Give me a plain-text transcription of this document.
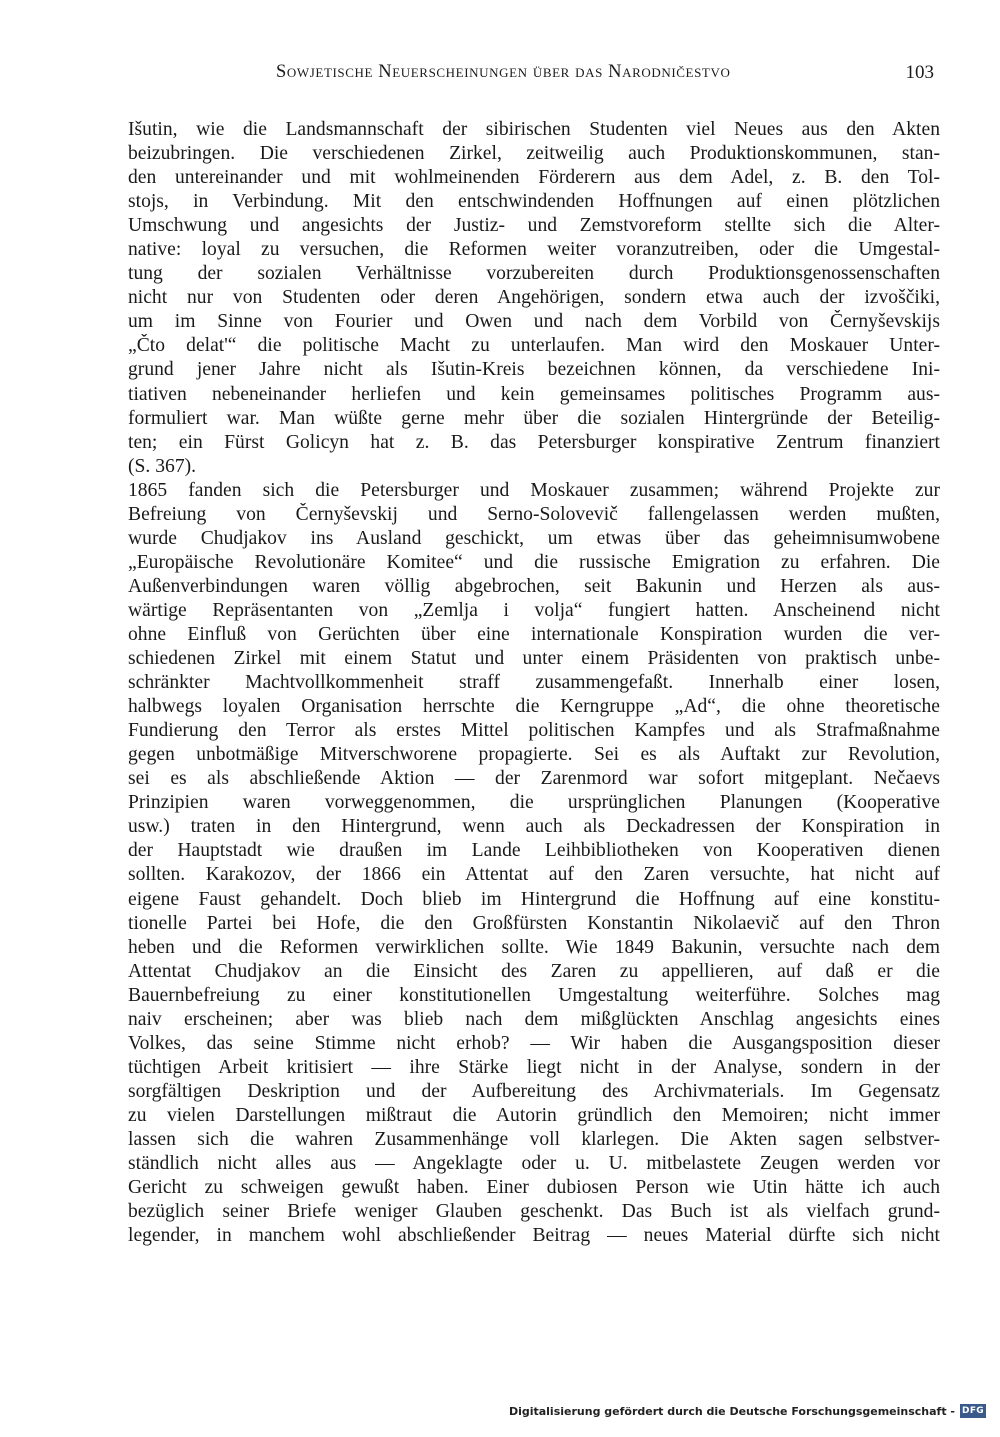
Sowjetische Neuerscheinungen über das Narodničestvo	103
Išutin, wie die Landsmannschaft der sibirischen Studenten viel Neues aus den Akten
beizubringen. Die verschiedenen Zirkel, zeitweilig auch Produktionskommunen, stan-
den untereinander und mit wohlmeinenden Förderern aus dem Adel, z. B. den Tol-
stojs, in Verbindung. Mit den entschwindenden Hoffnungen auf einen plötzlichen
Umschwung und angesichts der Justiz- und Zemstvoreform stellte sich die Alter-
native: loyal zu versuchen, die Reformen weiter voranzutreiben, oder die Umgestal-
tung der sozialen Verhältnisse vorzubereiten durch Produktionsgenossenschaften
nicht nur von Studenten oder deren Angehörigen, sondern etwa auch der izvoščiki,
um im Sinne von Fourier und Owen und nach dem Vorbild von Černyševskijs
„Čto delat'“ die politische Macht zu unterlaufen. Man wird den Moskauer Unter-
grund jener Jahre nicht als Išutin-Kreis bezeichnen können, da verschiedene Ini-
tiativen nebeneinander herliefen und kein gemeinsames politisches Programm aus-
formuliert war. Man wüßte gerne mehr über die sozialen Hintergründe der Beteilig-
ten; ein Fürst Golicyn hat z. B. das Petersburger konspirative Zentrum finanziert
(S. 367).
1865 fanden sich die Petersburger und Moskauer zusammen; während Projekte zur
Befreiung von Černyševskij und Serno-Solovevič fallengelassen werden mußten,
wurde Chudjakov ins Ausland geschickt, um etwas über das geheimnisumwobene
„Europäische Revolutionäre Komitee“ und die russische Emigration zu erfahren. Die
Außenverbindungen waren völlig abgebrochen, seit Bakunin und Herzen als aus-
wärtige Repräsentanten von „Zemlja i volja“ fungiert hatten. Anscheinend nicht
ohne Einfluß von Gerüchten über eine internationale Konspiration wurden die ver-
schiedenen Zirkel mit einem Statut und unter einem Präsidenten von praktisch unbe-
schränkter Machtvollkommenheit straff zusammengefaßt. Innerhalb einer losen,
halbwegs loyalen Organisation herrschte die Kerngruppe „Ad“, die ohne theoretische
Fundierung den Terror als erstes Mittel politischen Kampfes und als Strafmaßnahme
gegen unbotmäßige Mitverschworene propagierte. Sei es als Auftakt zur Revolution,
sei es als abschließende Aktion — der Zarenmord war sofort mitgeplant. Nečaevs
Prinzipien waren vorweggenommen, die ursprünglichen Planungen (Kooperative
usw.) traten in den Hintergrund, wenn auch als Deckadressen der Konspiration in
der Hauptstadt wie draußen im Lande Leihbibliotheken von Kooperativen dienen
sollten. Karakozov, der 1866 ein Attentat auf den Zaren versuchte, hat nicht auf
eigene Faust gehandelt. Doch blieb im Hintergrund die Hoffnung auf eine konstitu-
tionelle Partei bei Hofe, die den Großfürsten Konstantin Nikolaevič auf den Thron
heben und die Reformen verwirklichen sollte. Wie 1849 Bakunin, versuchte nach dem
Attentat Chudjakov an die Einsicht des Zaren zu appellieren, auf daß er die
Bauernbefreiung zu einer konstitutionellen Umgestaltung weiterführe. Solches mag
naiv erscheinen; aber was blieb nach dem mißglückten Anschlag angesichts eines
Volkes, das seine Stimme nicht erhob? — Wir haben die Ausgangsposition dieser
tüchtigen Arbeit kritisiert — ihre Stärke liegt nicht in der Analyse, sondern in der
sorgfältigen Deskription und der Aufbereitung des Archivmaterials. Im Gegensatz
zu vielen Darstellungen mißtraut die Autorin gründlich den Memoiren; nicht immer
lassen sich die wahren Zusammenhänge voll klarlegen. Die Akten sagen selbstver-
ständlich nicht alles aus — Angeklagte oder u. U. mitbelastete Zeugen werden vor
Gericht zu schweigen gewußt haben. Einer dubiosen Person wie Utin hätte ich auch
bezüglich seiner Briefe weniger Glauben geschenkt. Das Buch ist als vielfach grund-
legender, in manchem wohl abschließender Beitrag — neues Material dürfte sich nicht
Digitalisierung gefördert durch die Deutsche Forschungsgemeinschaft - DFG
